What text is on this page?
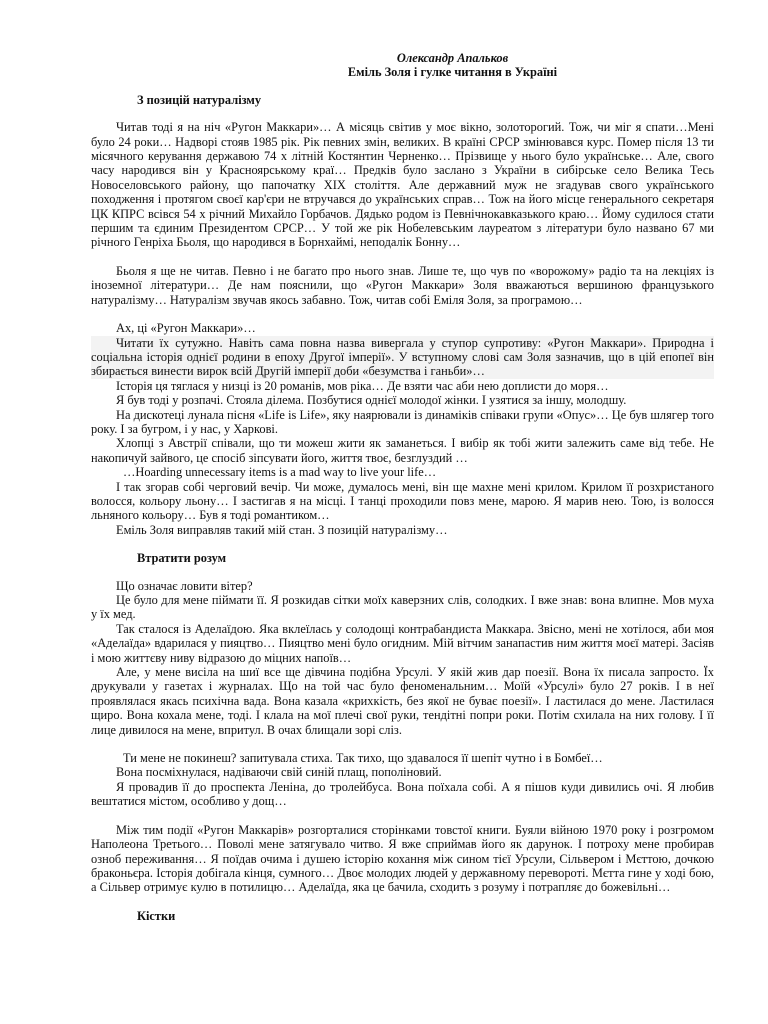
Олександр Апальков
Еміль Золя і гулке читання в Україні
З позицій натуралізму

Читав тоді я на ніч «Ругон Маккари»… А місяць світив у моє вікно, золоторогий. Тож, чи міг я спати…Мені було 24 роки… Надворі стояв 1985 рік. Рік певних змін, великих. В країні СРСР змінювався курс. Помер після 13 ти місячного керування державою 74 х літній Костянтин Черненко… Прізвище у нього було українське… Але, свого часу народився він у Красноярському краї… Предків було заслано з України в сибірське село Велика Тесь Новоселовського району, що папочатку XIX століття. Але державний муж не згадував свого українського походження і протягом своєї кар'єри не втручався до українських справ… Тож на його місце генерального секретаря ЦК КПРС всівся 54 х річний Михайло Горбачов. Дядько родом із Певнічнокавказького краю… Йому судилося стати першим та єдиним Президентом СРСР… У той же рік Нобелевським лауреатом з літератури було названо 67 ми річного Генріха Бьоля, що народився в Борнхаймі, неподалік Бонну…

Бьоля я ще не читав. Певно і не багато про нього знав. Лише те, що чув по «ворожому» радіо та на лекціях із іноземної літератури… Де нам пояснили, що «Ругон Маккари» Золя вважаються вершиною французького натуралізму… Натуралізм звучав якось забавно. Тож, читав собі Еміля Золя, за програмою…

Ах, ці «Ругон Маккари»…

Читати їх сутужно. Навіть сама повна назва вивергала у ступор супротиву: «Ругон Маккари». Природна і соціальна історія однієї родини в епоху Другої імперії». У вступному слові сам Золя зазначив, що в цій епопеї він збирається винести вирок всій Другій імперії доби «безумства і ганьби»…

Історія ця тяглася у низці із 20 романів, мов ріка… Де взяти час аби нею доплисти до моря…

Я був тоді у розпачі. Стояла ділема. Позбутися однієї молодої жінки. І узятися за іншу, молодшу.

На дискотеці лунала пісня «Life is Life», яку наярювали із динаміків співаки групи «Опус»… Це був шлягер того року. І за бугром, і у нас, у Харкові.

Хлопці з Австрії співали, що ти можеш жити як заманеться. І вибір як тобі жити залежить саме від тебе. Не накопичуй зайвого, це спосіб зіпсувати його, життя твоє, безглуздий …

…Hoarding unnecessary items is a mad way to live your life…

І так згорав собі черговий вечір. Чи може, думалось мені, він ще махне мені крилом. Крилом її розхристаного волосся, кольору льону… І застигав я на місці. І танці проходили повз мене, марою. Я марив нею. Тою, із волосся льняного кольору… Був я тоді романтиком…

Еміль Золя виправляв такий мій стан. З позицій натуралізму…

Втратити розум

Що означає ловити вітер?

Це було для мене піймати її. Я розкидав сітки моїх каверзних слів, солодких. І вже знав: вона влипне. Мов муха у їх мед.

Так сталося із Аделаїдою. Яка вклеїлась у солодощі контрабандиста Маккара. Звісно, мені не хотілося, аби моя «Аделаїда» вдарилася у пияцтво… Пияцтво мені було огидним. Мій вітчим занапастив ним життя моєї матері. Засіяв і мою життєву ниву відразою до міцних напоїв…

Але, у мене висіла на шиї все ще дівчина подібна Урсулі. У якій жив дар поезії. Вона їх писала запросто. Їх друкували у газетах і журналах. Що на той час було феноменальним… Моїй «Урсулі» було 27 років. І в неї проявлялася якась психічна вада. Вона казала «крихкість, без якої не буває поезії». І ластилася до мене. Ластилася щиро. Вона кохала мене, тоді. І клала на мої плечі свої руки, тендітні попри роки. Потім схилала на них голову. І її лице дивилося на мене, впритул. В очах блищали зорі сліз.

Ти мене не покинеш? запитувала стиха. Так тихо, що здавалося її шепіт чутно і в Бомбеї…

Вона посміхнулася, надіваючи свій синій плащ, пополіновий.

Я провадив її до проспекта Леніна, до тролейбуса. Вона поїхала собі. А я пішов куди дивились очі. Я любив вештатися містом, особливо у дощ…

Між тим події «Ругон Маккарів» розгорталися сторінками товстої книги. Буяли війною 1970 року і розгромом Наполеона Третього… Поволі мене затягувало читво. Я вже сприймав його як дарунок. І потроху мене пробирав озноб переживання… Я поїдав очима і душею історію кохання між сином тієї Урсули, Сільвером і Мєттою, дочкою браконьєра. Історія добігала кінця, сумного… Двоє молодих людей у державному перевороті. Мєтта гине у ході бою, а Сільвер отримує кулю в потилицю… Аделаїда, яка це бачила, сходить з розуму і потрапляє до божевільні…

Кістки
